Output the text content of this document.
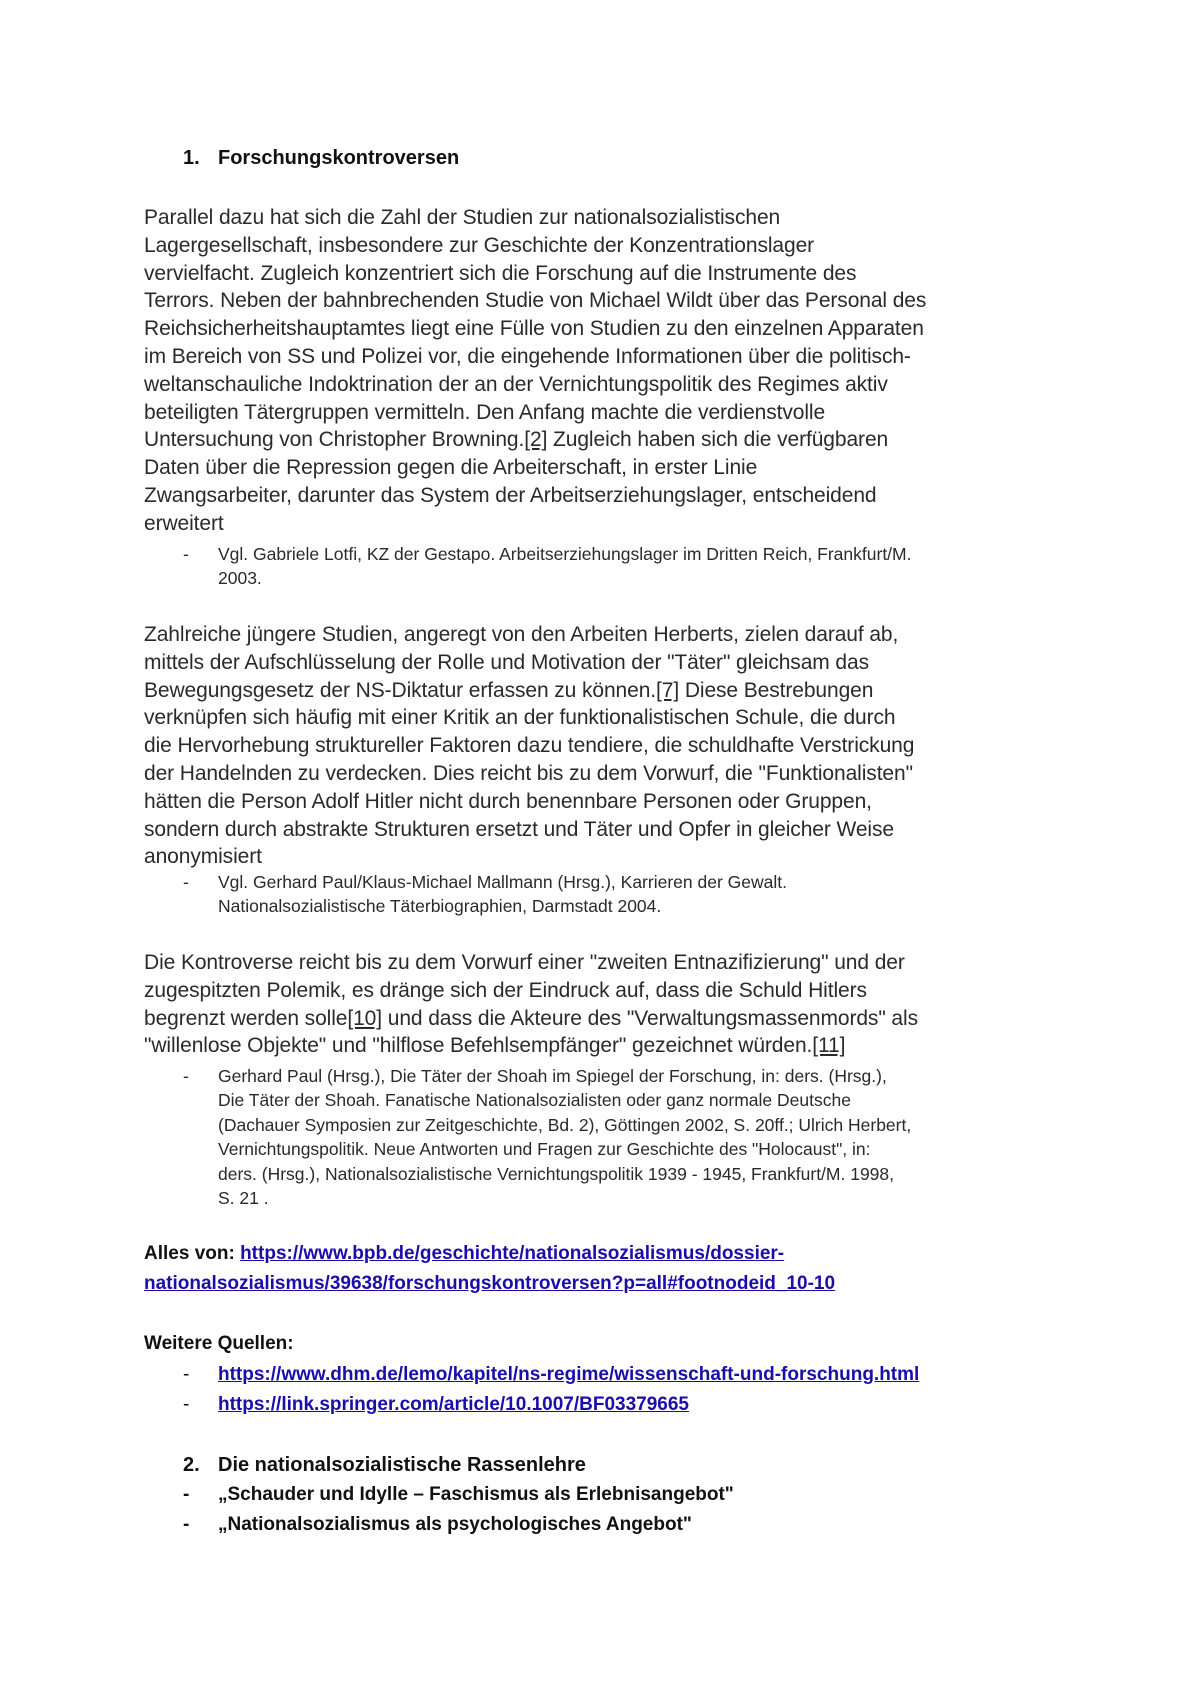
1. Forschungskontroversen
Parallel dazu hat sich die Zahl der Studien zur nationalsozialistischen
Lagergesellschaft, insbesondere zur Geschichte der Konzentrationslager
vervielfacht. Zugleich konzentriert sich die Forschung auf die Instrumente des
Terrors. Neben der bahnbrechenden Studie von Michael Wildt über das Personal des
Reichsicherheitshauptamtes liegt eine Fülle von Studien zu den einzelnen Apparaten
im Bereich von SS und Polizei vor, die eingehende Informationen über die politisch-
weltanschauliche Indoktrination der an der Vernichtungspolitik des Regimes aktiv
beteiligten Tätergruppen vermitteln. Den Anfang machte die verdienstvolle
Untersuchung von Christopher Browning.[2] Zugleich haben sich die verfügbaren
Daten über die Repression gegen die Arbeiterschaft, in erster Linie
Zwangsarbeiter, darunter das System der Arbeitserziehungslager, entscheidend
erweitert
-	Vgl. Gabriele Lotfi, KZ der Gestapo. Arbeitserziehungslager im Dritten Reich, Frankfurt/M.
2003.
Zahlreiche jüngere Studien, angeregt von den Arbeiten Herberts, zielen darauf ab,
mittels der Aufschlüsselung der Rolle und Motivation der "Täter" gleichsam das
Bewegungsgesetz der NS-Diktatur erfassen zu können.[7] Diese Bestrebungen
verknüpfen sich häufig mit einer Kritik an der funktionalistischen Schule, die durch
die Hervorhebung struktureller Faktoren dazu tendiere, die schuldhafte Verstrickung
der Handelnden zu verdecken. Dies reicht bis zu dem Vorwurf, die "Funktionalisten"
hätten die Person Adolf Hitler nicht durch benennbare Personen oder Gruppen,
sondern durch abstrakte Strukturen ersetzt und Täter und Opfer in gleicher Weise
anonymisiert
-	Vgl. Gerhard Paul/Klaus-Michael Mallmann (Hrsg.), Karrieren der Gewalt.
Nationalsozialistische Täterbiographien, Darmstadt 2004.
Die Kontroverse reicht bis zu dem Vorwurf einer "zweiten Entnazifizierung" und der
zugespitzten Polemik, es dränge sich der Eindruck auf, dass die Schuld Hitlers
begrenzt werden solle[10] und dass die Akteure des "Verwaltungsmassenmords" als
"willenlose Objekte" und "hilflose Befehlsempfänger" gezeichnet würden.[11]
-	Gerhard Paul (Hrsg.), Die Täter der Shoah im Spiegel der Forschung, in: ders. (Hrsg.),
Die Täter der Shoah. Fanatische Nationalsozialisten oder ganz normale Deutsche
(Dachauer Symposien zur Zeitgeschichte, Bd. 2), Göttingen 2002, S. 20ff.; Ulrich Herbert,
Vernichtungspolitik. Neue Antworten und Fragen zur Geschichte des "Holocaust", in:
ders. (Hrsg.), Nationalsozialistische Vernichtungspolitik 1939 - 1945, Frankfurt/M. 1998,
S. 21 .
Alles von: https://www.bpb.de/geschichte/nationalsozialismus/dossier-
nationalsozialismus/39638/forschungskontroversen?p=all#footnodeid_10-10
Weitere Quellen:
- https://www.dhm.de/lemo/kapitel/ns-regime/wissenschaft-und-forschung.html
- https://link.springer.com/article/10.1007/BF03379665
2. Die nationalsozialistische Rassenlehre
- „Schauder und Idylle – Faschismus als Erlebnisangebot"
- „Nationalsozialismus als psychologisches Angebot"
